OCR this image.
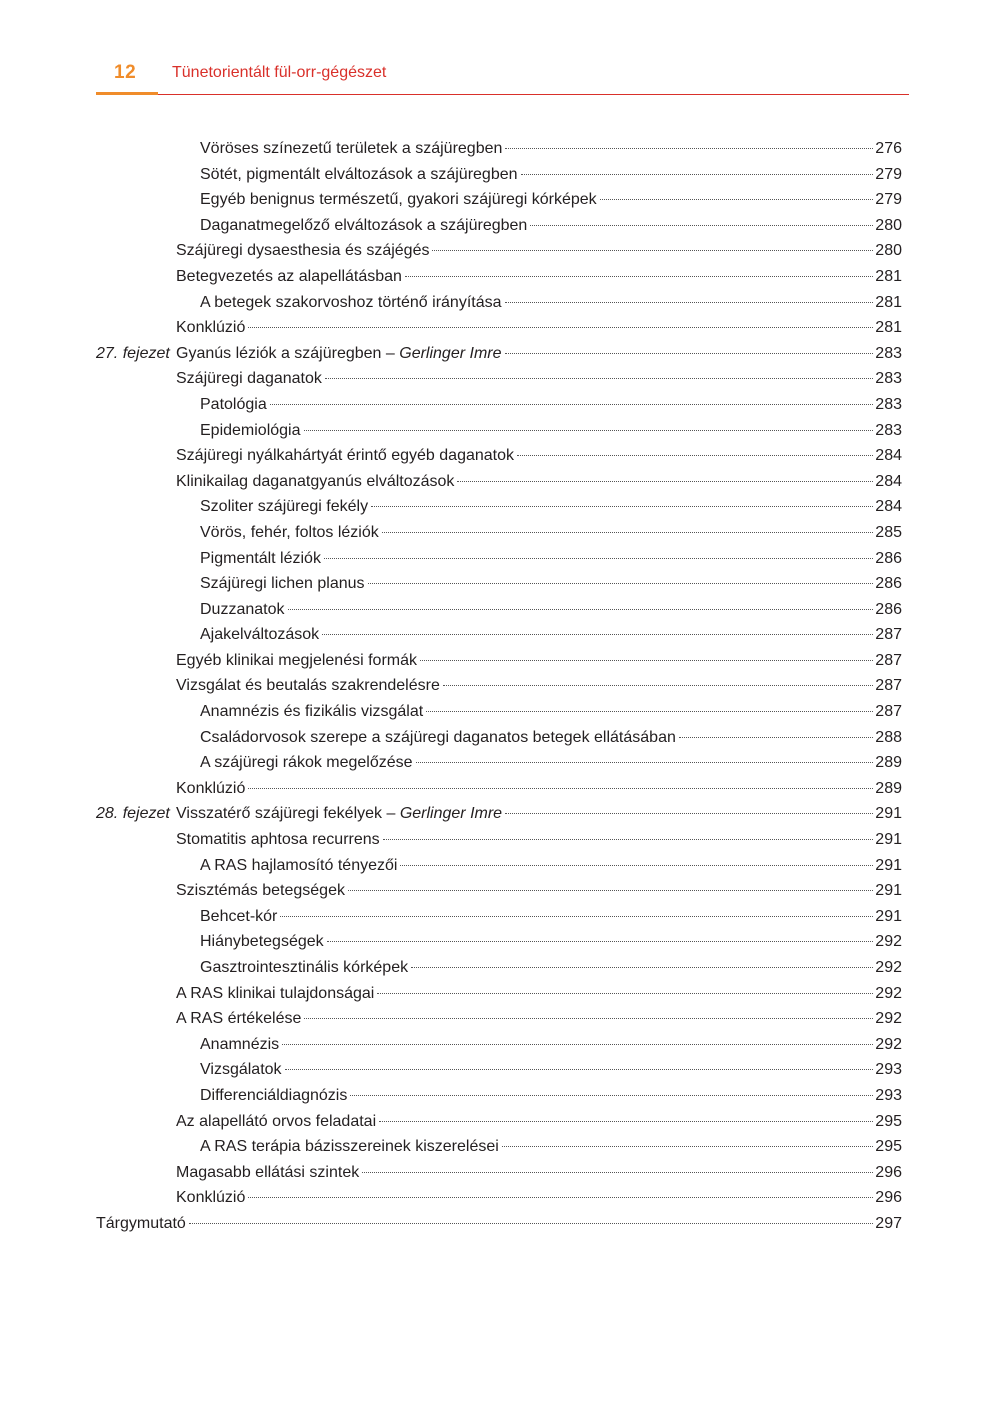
12 Tünetorientált fül-orr-gégészet
Vöröses színezetű területek a szájüregben	276
Sötét, pigmentált elváltozások a szájüregben	279
Egyéb benignus természetű, gyakori szájüregi kórképek	279
Daganatmegelőző elváltozások a szájüregben	280
Szájüregi dysaesthesia és szájégés	280
Betegvezetés az alapellátásban	281
A betegek szakorvoshoz történő irányítása	281
Konklúzió	281
27. fejezet Gyanús léziók a szájüregben – Gerlinger Imre	283
Szájüregi daganatok	283
Patológia	283
Epidemiológia	283
Szájüregi nyálkahártyát érintő egyéb daganatok	284
Klinikailag daganatgyanús elváltozások	284
Szoliter szájüregi fekély	284
Vörös, fehér, foltos léziók	285
Pigmentált léziók	286
Szájüregi lichen planus	286
Duzzanatok	286
Ajakelváltozások	287
Egyéb klinikai megjelenési formák	287
Vizsgálat és beutalás szakrendelésre	287
Anamnézis és fizikális vizsgálat	287
Családorvosok szerepe a szájüregi daganatos betegek ellátásában	288
A szájüregi rákok megelőzése	289
Konklúzió	289
28. fejezet Visszatérő szájüregi fekélyek – Gerlinger Imre	291
Stomatitis aphtosa recurrens	291
A RAS hajlamosító tényezői	291
Szisztémás betegségek	291
Behcet-kór	291
Hiánybetegségek	292
Gasztrointesztinális kórképek	292
A RAS klinikai tulajdonságai	292
A RAS értékelése	292
Anamnézis	292
Vizsgálatok	293
Differenciáldiagnózis	293
Az alapellátó orvos feladatai	295
A RAS terápia bázisszereinek kiszerelései	295
Magasabb ellátási szintek	296
Konklúzió	296
Tárgymutató	297
